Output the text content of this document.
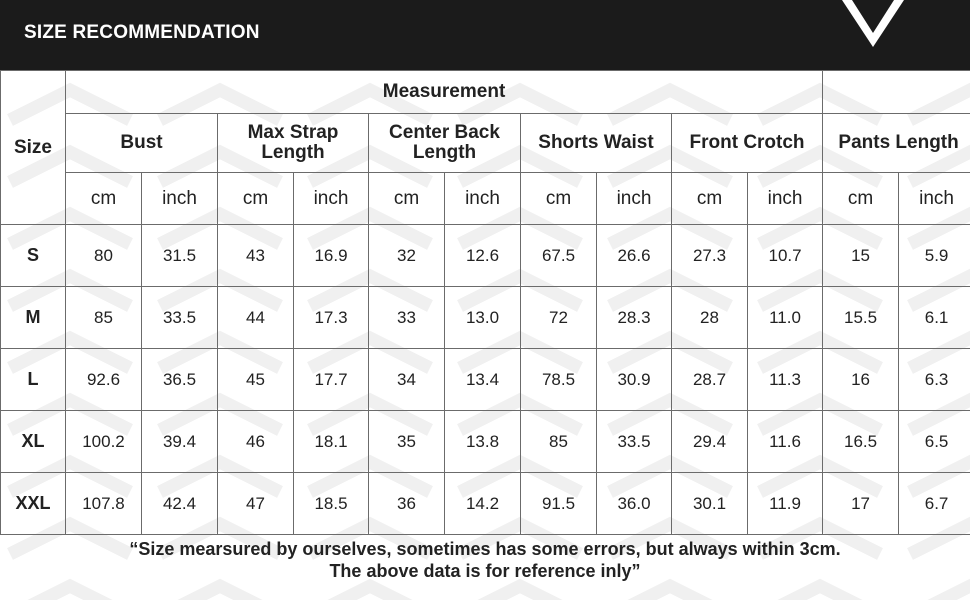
SIZE RECOMMENDATION
Size	Measurement											
	Bust		Max Strap Length		Center Back Length		Shorts Waist		Front Crotch		Pants Length	
	cm	inch	cm	inch	cm	inch	cm	inch	cm	inch	cm	inch
S	80	31.5	43	16.9	32	12.6	67.5	26.6	27.3	10.7	15	5.9
M	85	33.5	44	17.3	33	13.0	72	28.3	28	11.0	15.5	6.1
L	92.6	36.5	45	17.7	34	13.4	78.5	30.9	28.7	11.3	16	6.3
XL	100.2	39.4	46	18.1	35	13.8	85	33.5	29.4	11.6	16.5	6.5
XXL	107.8	42.4	47	18.5	36	14.2	91.5	36.0	30.1	11.9	17	6.7
“Size mearsured by ourselves, sometimes has some errors, but always within 3cm.
The above data is for reference inly”
